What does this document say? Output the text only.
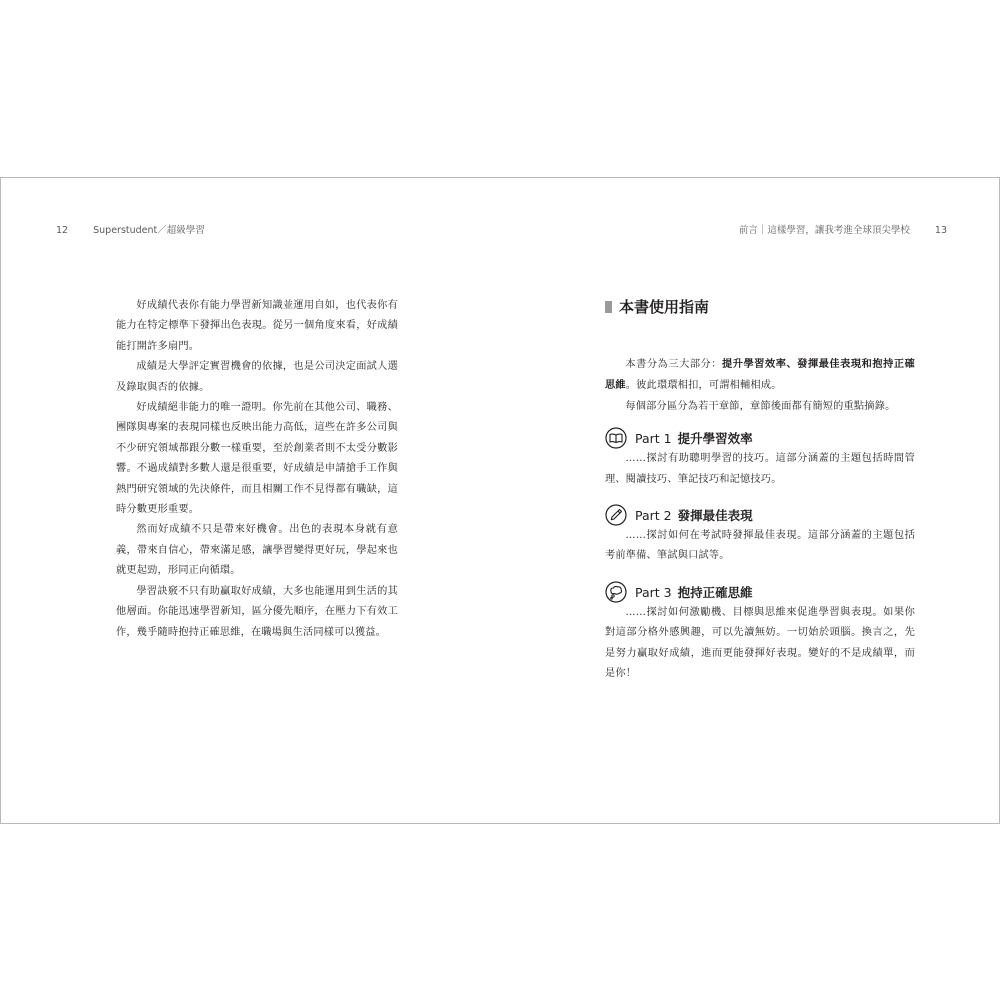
12	Superstudent／超級學習	前言｜這樣學習，讓我考進全球頂尖學校	13

好成績代表你有能力學習新知識並運用自如，也代表你有能力在特定標準下發揮出色表現。從另一個角度來看，好成績能打開許多扇門。

成績是大學評定實習機會的依據，也是公司決定面試人選及錄取與否的依據。

好成績絕非能力的唯一證明。你先前在其他公司、職務、團隊與專案的表現同樣也反映出能力高低，這些在許多公司與不少研究領域都跟分數一樣重要，至於創業者則不太受分數影響。不過成績對多數人還是很重要，好成績是申請搶手工作與熱門研究領域的先決條件，而且相關工作不見得都有職缺，這時分數更形重要。

然而好成績不只是帶來好機會。出色的表現本身就有意義，帶來自信心，帶來滿足感，讓學習變得更好玩，學起來也就更起勁，形同正向循環。

學習訣竅不只有助贏取好成績，大多也能運用到生活的其他層面。你能迅速學習新知，區分優先順序，在壓力下有效工作，幾乎隨時抱持正確思維，在職場與生活同樣可以獲益。

本書使用指南

本書分為三大部分：提升學習效率、發揮最佳表現和抱持正確思維。彼此環環相扣，可謂相輔相成。

每個部分區分為若干章節，章節後面都有簡短的重點摘錄。

Part 1 提升學習效率

……探討有助聰明學習的技巧。這部分涵蓋的主題包括時間管理、閱讀技巧、筆記技巧和記憶技巧。

Part 2 發揮最佳表現

……探討如何在考試時發揮最佳表現。這部分涵蓋的主題包括考前準備、筆試與口試等。

Part 3 抱持正確思維

……探討如何激勵機、目標與思維來促進學習與表現。如果你對這部分格外感興趣，可以先讀無妨。一切始於頭腦。換言之，先是努力贏取好成績，進而更能發揮好表現。變好的不是成績單，而是你！
